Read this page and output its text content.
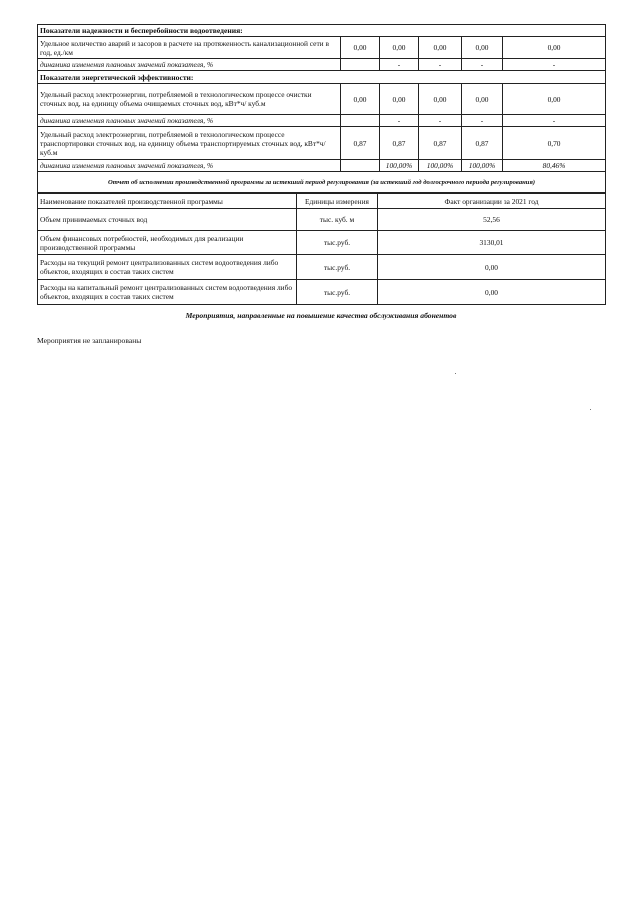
Показатели надежности и бесперебойности водоотведения:					
Удельное количество аварий и засоров в расчете на протяженность канализационной сети в год, ед./км	0,00	0,00	0,00	0,00	0,00
динамика изменения плановых значений показателя, %		-	-	-	-
Показатели энергетической эффективности:					
Удельный расход электроэнергии, потребляемой в технологическом процессе очистки сточных вод, на единицу объема очищаемых сточных вод, кВт*ч/ куб.м	0,00	0,00	0,00	0,00	0,00
динамика изменения плановых значений показателя, %		-	-	-	-
Удельный расход электроэнергии, потребляемой в технологическом процессе транспортировки сточных вод, на единицу объема транспортируемых сточных вод, кВт*ч/ куб.м	0,87	0,87	0,87	0,87	0,70
динамика изменения плановых значений показателя, %		100,00%	100,00%	100,00%	80,46%
Отчет об исполнении производственной программы за истекший период регулирования (за истекший год долгосрочного периода регулирования)					
Наименование показателей производственной программы	Единицы измерения	Факт организации за 2021 год
Объем принимаемых сточных вод	тыс. куб. м	52,56
Объем финансовых потребностей, необходимых для реализации производственной программы	тыс.руб.	3130,01
Расходы на текущий ремонт централизованных систем водоотведения либо объектов, входящих в состав таких систем	тыс.руб.	0,00
Расходы на капитальный ремонт централизованных систем водоотведения либо объектов, входящих в состав таких систем	тыс.руб.	0,00
Мероприятия, направленные на повышение качества обслуживания абонентов
Мероприятия не запланированы
